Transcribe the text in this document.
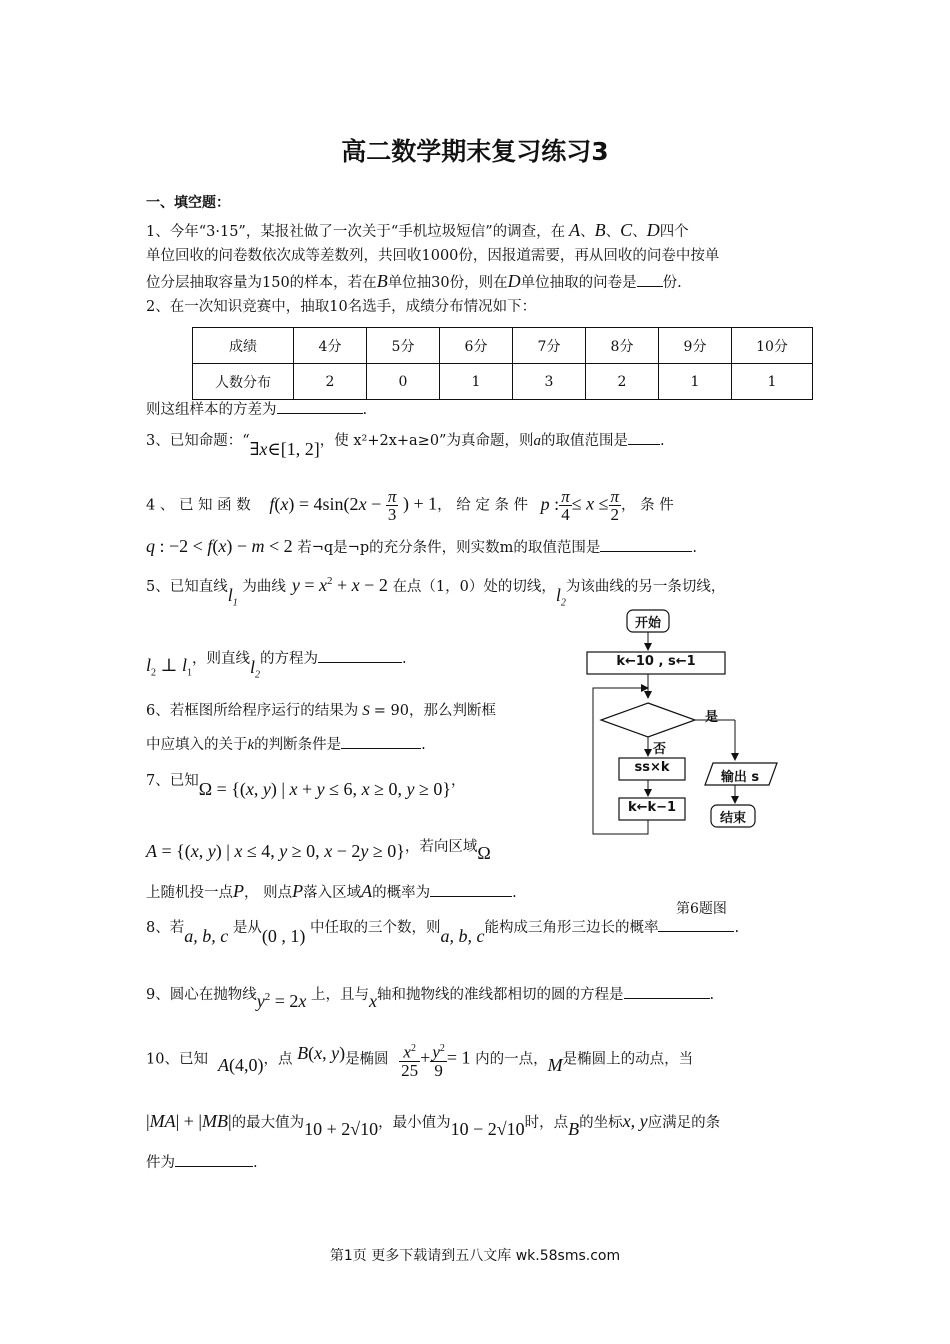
高二数学期末复习练习3
一、填空题：
1、今年“3·15”，某报社做了一次关于“手机垃圾短信”的调查，在 A、B、C、D四个
单位回收的问卷数依次成等差数列，共回收1000份，因报道需要，再从回收的问卷中按单
位分层抽取容量为150的样本，若在B单位抽30份，则在D单位抽取的问卷是 份.
2、在一次知识竞赛中，抽取10名选手，成绩分布情况如下：
成绩	4分	5分	6分	7分	8分	9分	10分
人数分布	2	0	1	3	2	1	1
则这组样本的方差为	.
3、已知命题：“∃x∈[1, 2]，使 x²+2x+a≥0”为真命题，则a的取值范围是 .
4 、 已 知 函 数 $f(x) = 4\sin(2x - \frac{\pi}{3}$ ) + 1， 给 定 条 件 p : $\frac{\pi}{4} \le x \le \frac{\pi}{2}$ ， 条 件
q : −2 < f(x) − m < 2 若¬q是¬p的充分条件，则实数m的取值范围是	.
5、已知直线$l_1$ 为曲线 $y = x^2 + x - 2$ 在点（1，0）处的切线，$l_2$为该曲线的另一条切线，
$l_2$ ⊥ $l_1$，则直线$l_2$的方程为	.
6、若框图所给程序运行的结果为 S = 90，那么判断框
中应填入的关于k的判断条件是	.
开始
k←10 , s←1
是
否
ss×k
k←k−1
输出 s
结束
第6题图
7、已知Ω = {(x, y) | x + y ≤ 6, x ≥ 0, y ≥ 0}，
A = {(x, y) | x ≤ 4, y ≥ 0, x − 2y ≥ 0}，若向区域Ω
上随机投一点P， 则点P落入区域A的概率为	.
8、若a, b, c 是从(0 , 1) 中任取的三个数，则a, b, c能构成三角形三边长的概率	.
9、圆心在抛物线$y^2 = 2x$ 上，且与x轴和抛物线的准线都相切的圆的方程是	.
10、已知 A(4,0)，点 B(x, y)是椭圆 $\frac{x^2}{25} + \frac{y^2}{9} = 1$ 内的一点，M是椭圆上的动点，当
|MA| + |MB|的最大值为10 + 2√10，最小值为10 − 2√10时，点B的坐标x, y应满足的条
件为	.
第1页 更多下载请到五八文库 wk.58sms.com
